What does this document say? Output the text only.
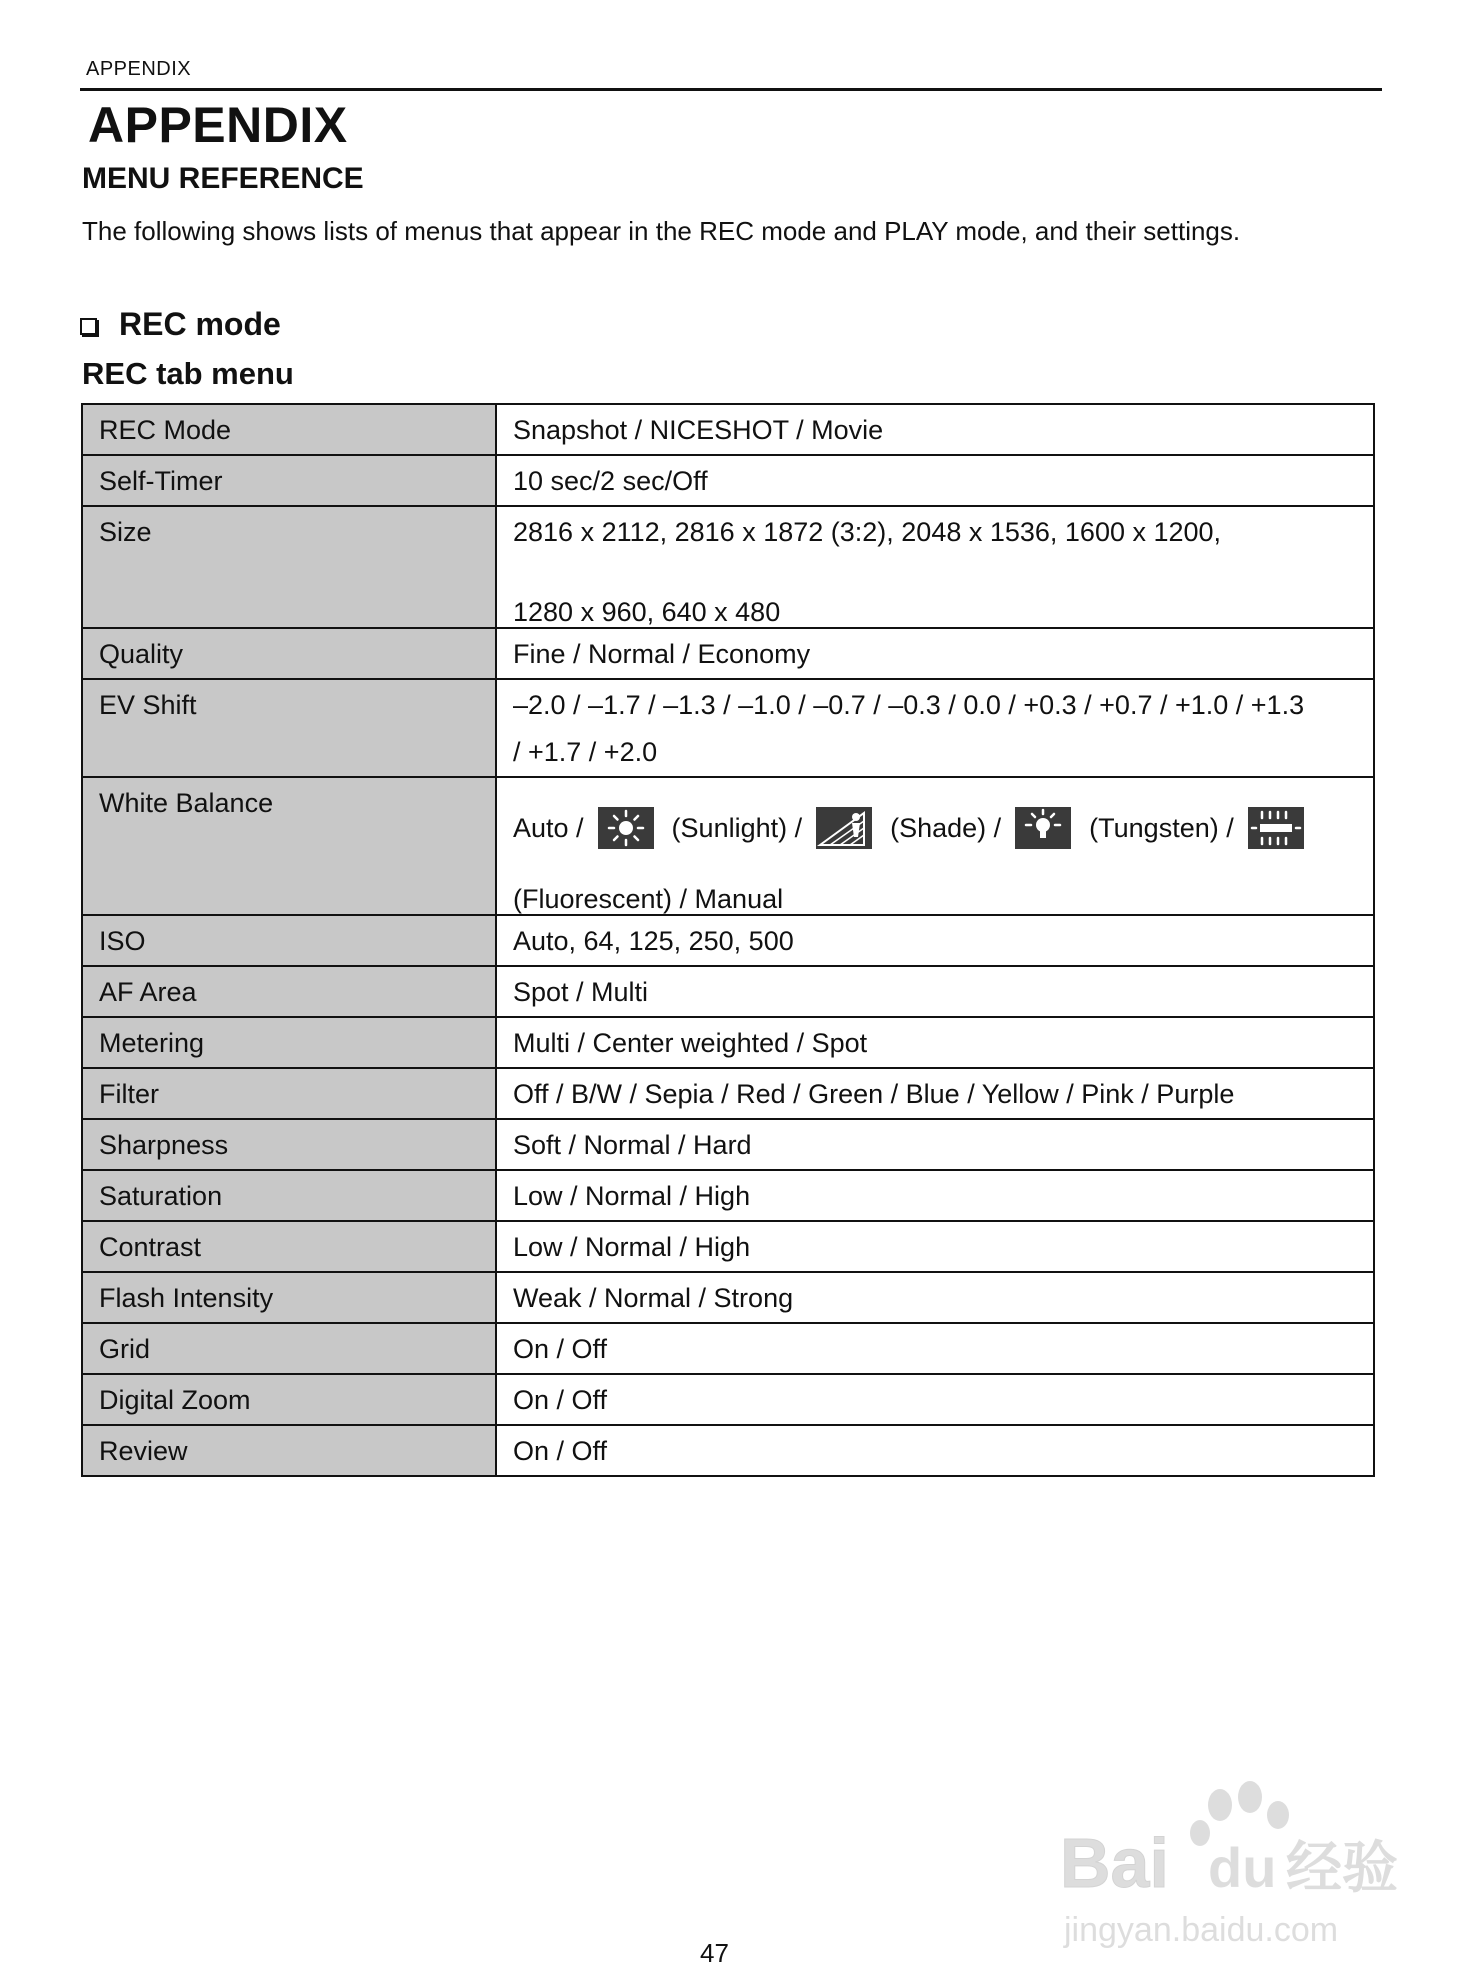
APPENDIX
APPENDIX
MENU REFERENCE

The following shows lists of menus that appear in the REC mode and PLAY mode, and their settings.

REC mode
REC tab menu
REC Mode	Snapshot / NICESHOT / Movie
Self-Timer	10 sec/2 sec/Off
Size	2816 x 2112, 2816 x 1872 (3:2), 2048 x 1536, 1600 x 1200,
1280 x 960, 640 x 480

Quality	Fine / Normal / Economy
EV Shift	–2.0 / –1.7 / –1.3 / –1.0 / –0.7 / –0.3 / 0.0 / +0.3 / +0.7 / +1.0 / +1.3
/ +1.7 / +2.0

White Balance	Auto / (Sunlight) / (Shade) / (Tungsten) /
(Fluorescent) / Manual

ISO	Auto, 64, 125, 250, 500
AF Area	Spot / Multi
Metering	Multi / Center weighted / Spot
Filter	Off / B/W / Sepia / Red / Green / Blue / Yellow / Pink / Purple
Sharpness	Soft / Normal / Hard
Saturation	Low / Normal / High
Contrast	Low / Normal / High
Flash Intensity	Weak / Normal / Strong
Grid	On / Off
Digital Zoom	On / Off
Review	On / Off
Bai du 经验
jingyan.baidu.com
47
